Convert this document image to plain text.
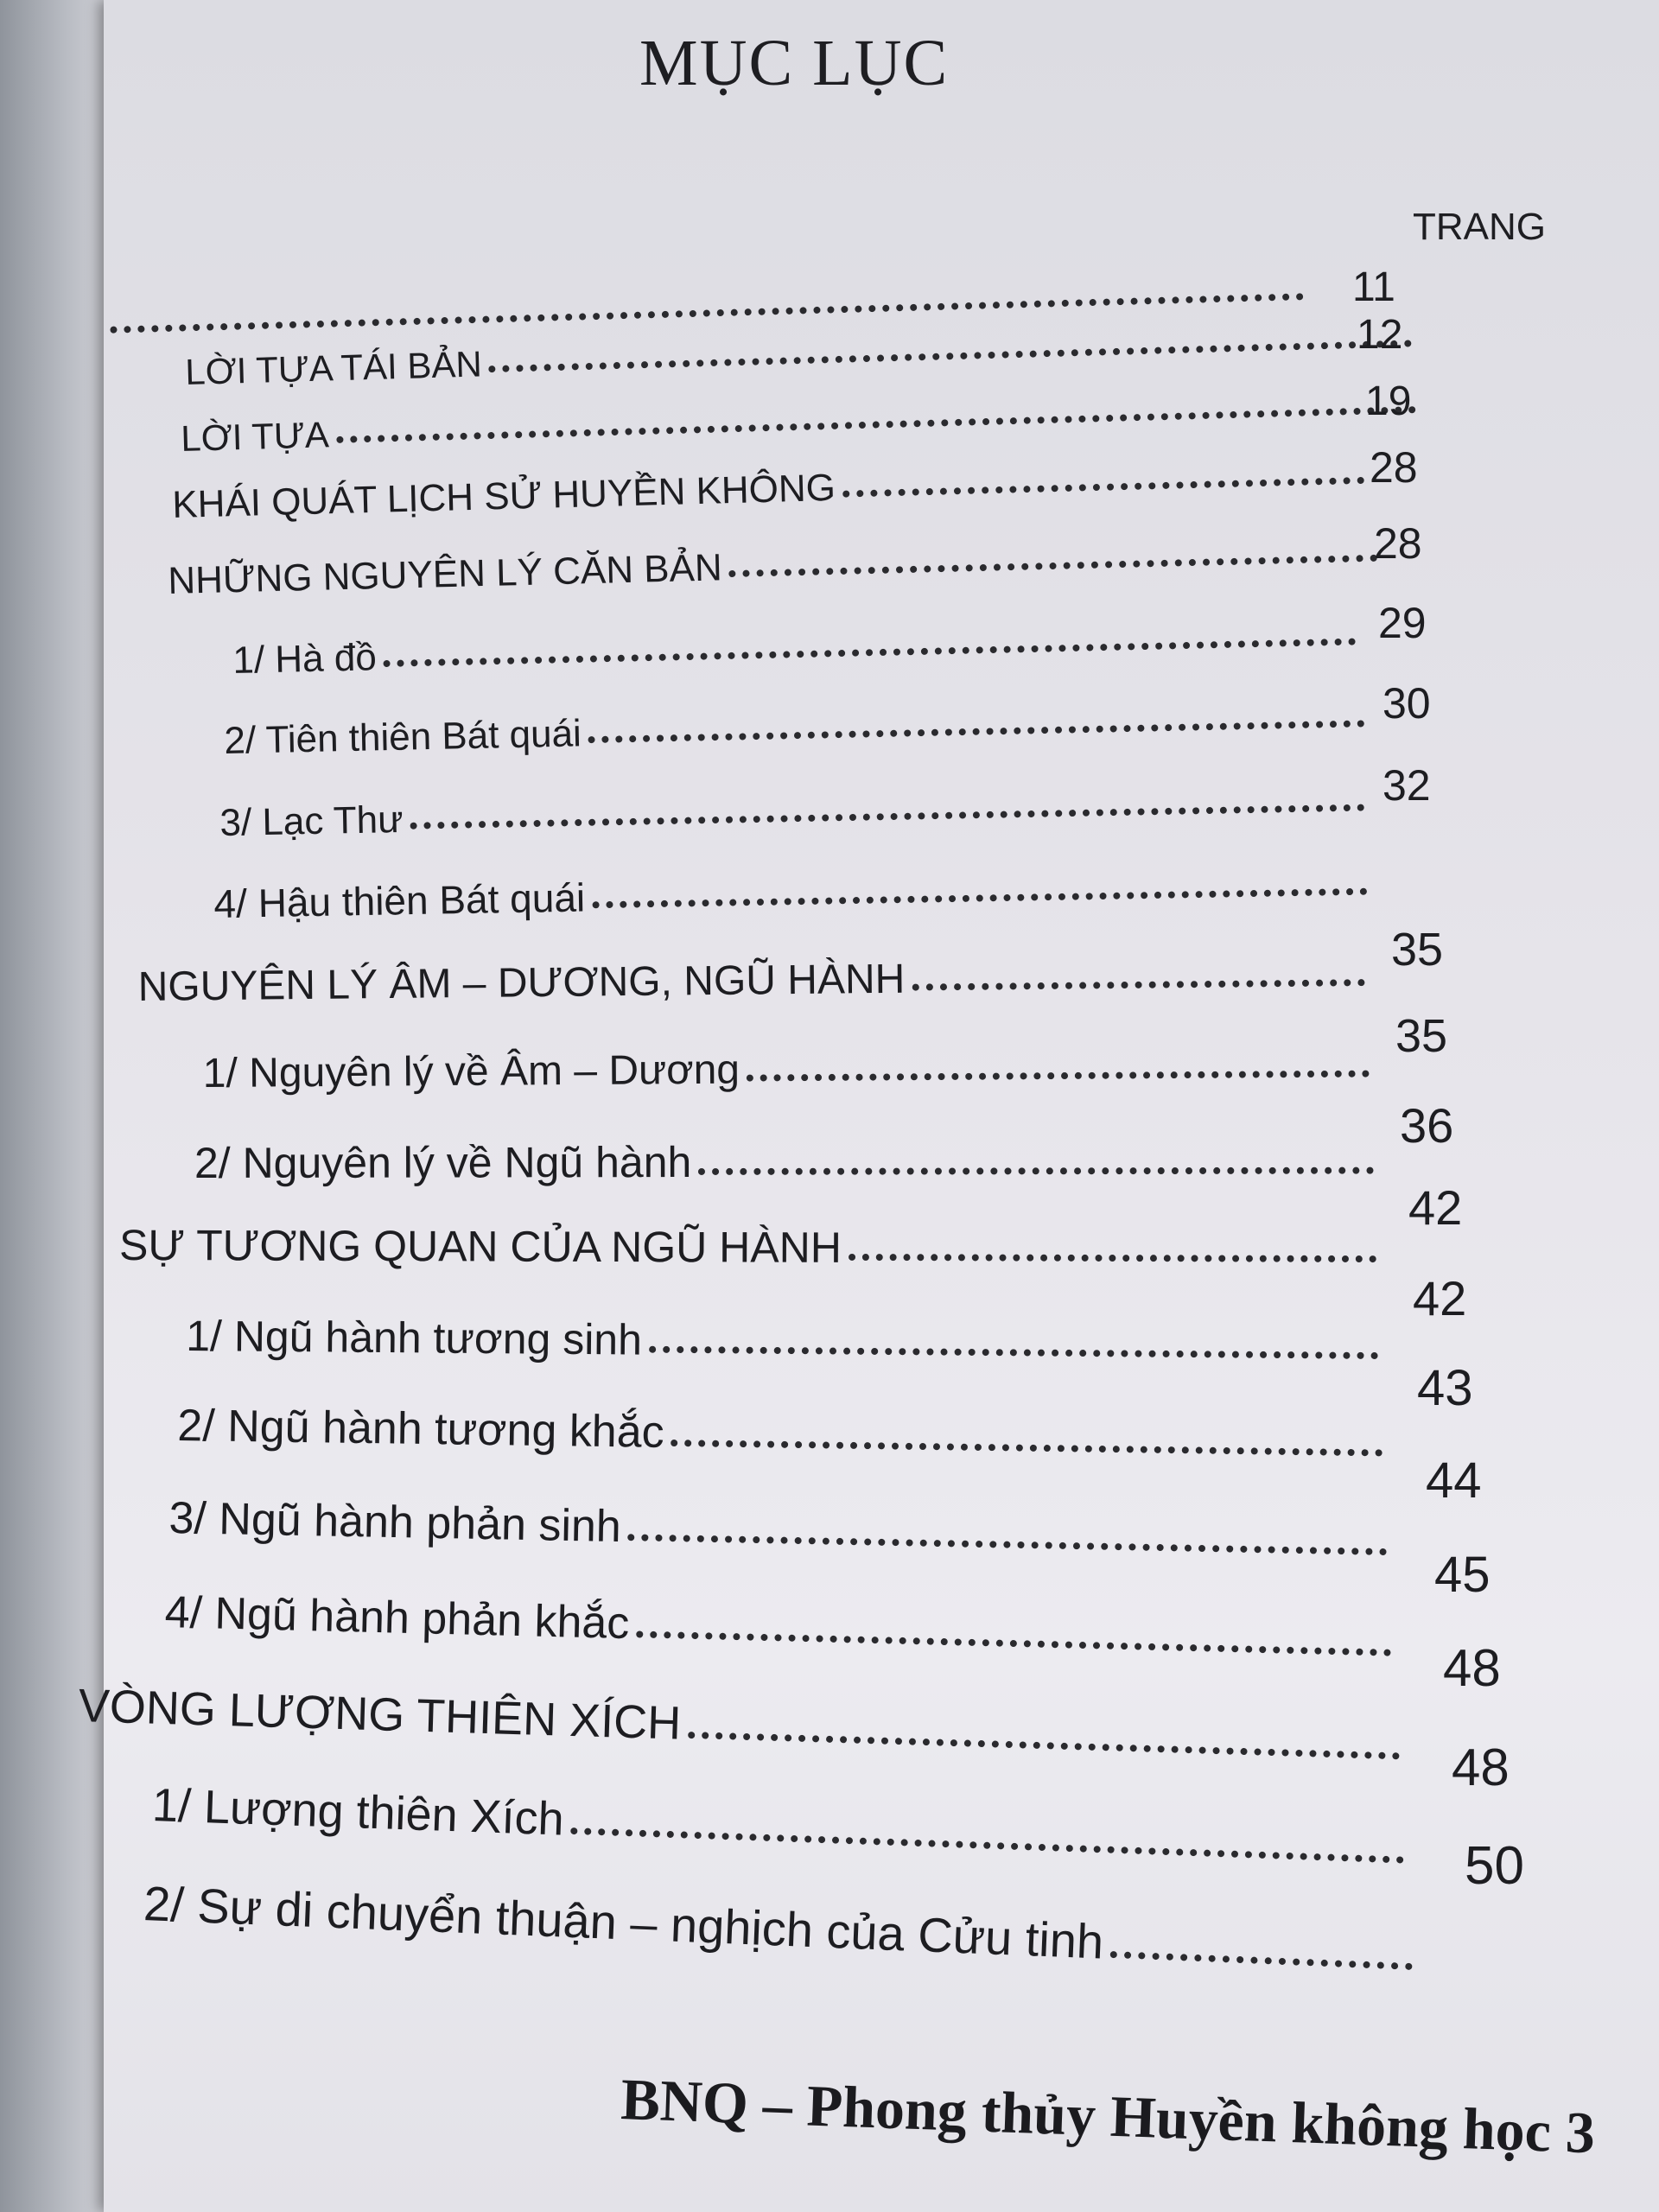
MỤC LỤC
TRANG
11
LỜI TỰA TÁI BẢN
12
LỜI TỰA
19
KHÁI QUÁT LỊCH SỬ HUYỀN KHÔNG	28
NHỮNG NGUYÊN LÝ CĂN BẢN
28
1/ Hà đồ
29
2/ Tiên thiên Bát quái
30
3/ Lạc Thư
32
4/ Hậu thiên Bát quái
NGUYÊN LÝ ÂM – DƯƠNG, NGŨ HÀNH
35
1/ Nguyên lý về Âm – Dương
35
2/ Nguyên lý về Ngũ hành
36
SỰ TƯƠNG QUAN CỦA NGŨ HÀNH
42
1/ Ngũ hành tương sinh
42
2/ Ngũ hành tương khắc
43
3/ Ngũ hành phản sinh
44
4/ Ngũ hành phản khắc
45
VÒNG LƯỢNG THIÊN XÍCH
48
1/ Lượng thiên Xích
48
2/ Sự di chuyển thuận – nghịch của Cửu tinh
50
BNQ – Phong thủy Huyền không học 3
